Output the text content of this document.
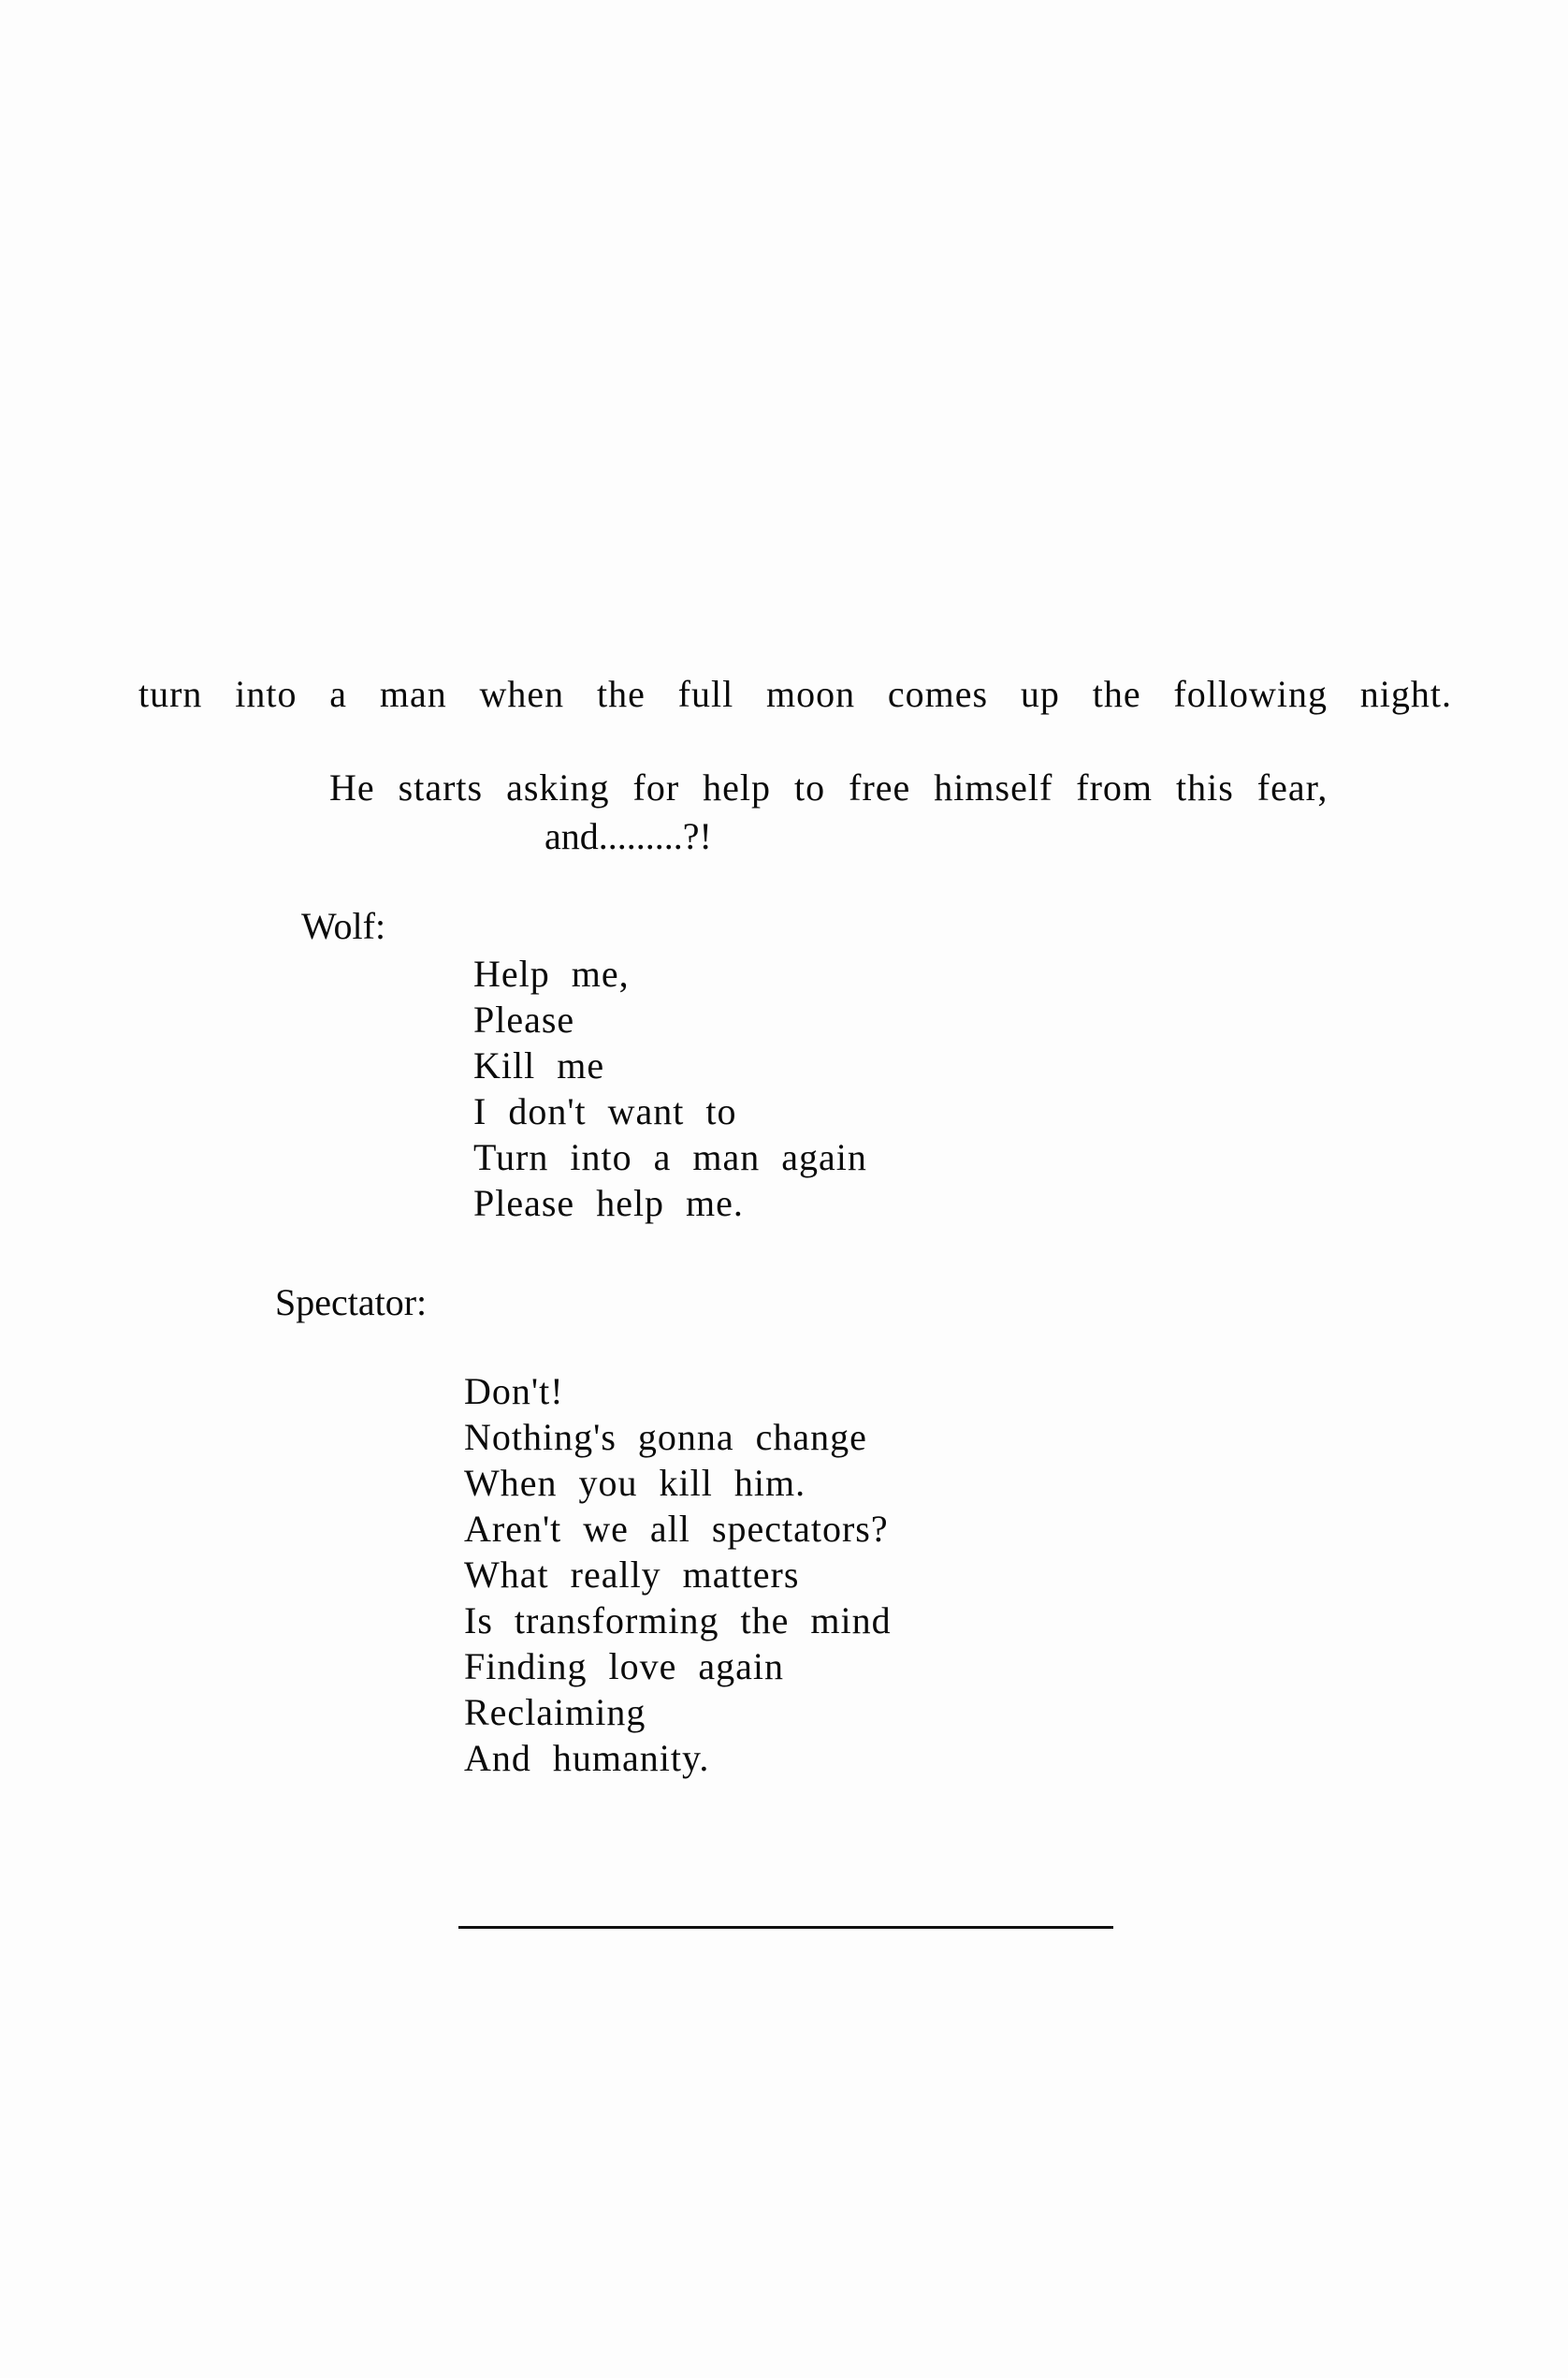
turn into a man when the full moon comes up the following night.
He starts asking for help to free himself from this fear,
and.........?!
Wolf:
Help me,
Please
Kill me
I don't want to
Turn into a man again
Please help me.
Spectator:
Don't!
Nothing's gonna change
When you kill him.
Aren't we all spectators?
What really matters
Is transforming the mind
Finding love again
Reclaiming
And humanity.
